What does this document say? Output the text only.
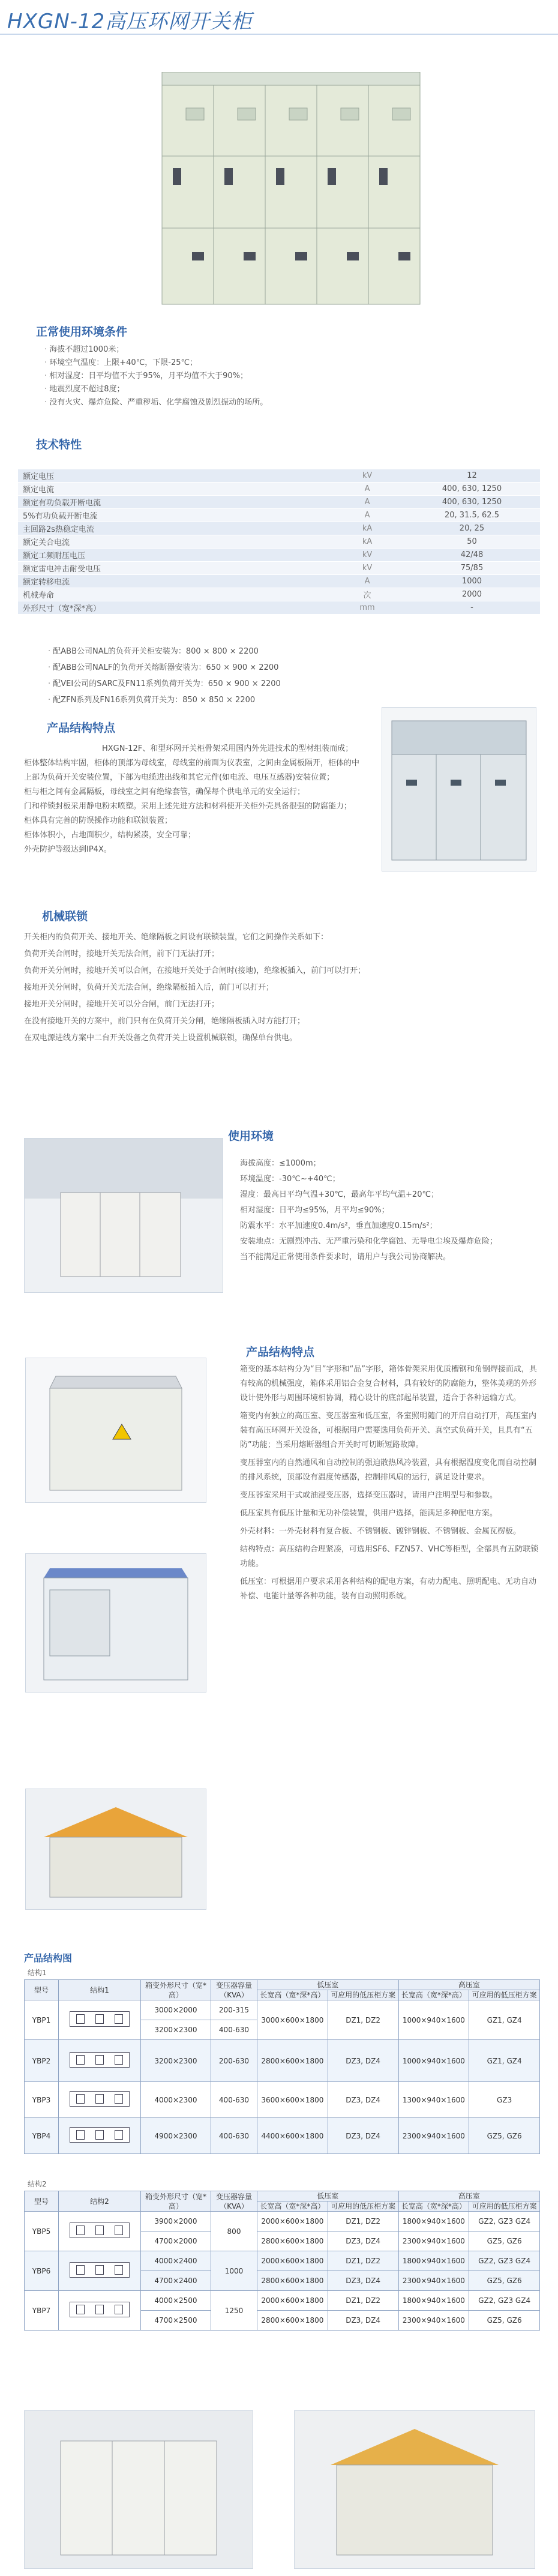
HXGN-12高压环网开关柜
正常使用环境条件
· 海拔不超过1000米；
· 环境空气温度：上限+40℃，下限-25℃；
· 相对湿度：日平均值不大于95%，月平均值不大于90%；
· 地震烈度不超过8度；
· 没有火灾、爆炸危险、严重秽垢、化学腐蚀及剧烈振动的场所。
技术特性
额定电压	kV	12
额定电流	A	400, 630, 1250
额定有功负载开断电流	A	400, 630, 1250
5%有功负载开断电流	A	20, 31.5, 62.5
主回路2s热稳定电流	kA	20, 25
额定关合电流	kA	50
额定工频耐压电压	kV	42/48
额定雷电冲击耐受电压	kV	75/85
额定转移电流	A	1000
机械寿命	次	2000
外形尺寸（宽*深*高）	mm	-
· 配ABB公司NAL的负荷开关柜安装为：800 × 800 × 2200
· 配ABB公司NALF的负荷开关熔断器安装为：650 × 900 × 2200
· 配VEI公司的SARC及FN11系列负荷开关为：650 × 900 × 2200
· 配ZFN系列及FN16系列负荷开关为：850 × 850 × 2200
产品结构特点
HXGN-12F、和型环网开关柜骨架采用国内外先进技术的型材组装而成；
柜体整体结构牢固，柜体的顶部为母线室，母线室的前面为仪表室，之间由金属板隔开，柜体的中上部为负荷开关安装位置，下部为电缆进出线和其它元件(如电流、电压互感器)安装位置；
柜与柜之间有金属隔板，母线室之间有绝缘套管，确保每个供电单元的安全运行；
门和样锁封板采用静电粉末喷塑。采用上述先进方法和材料使开关柜外壳具备很强的防腐能力；
柜体具有完善的防误操作功能和联锁装置；
柜体体积小，占地面积少，结构紧凑，安全可靠；
外壳防护等级达到IP4X。
机械联锁
开关柜内的负荷开关、接地开关、绝缘隔板之间设有联锁装置，它们之间操作关系如下：
负荷开关合闸时，接地开关无法合闸，前下门无法打开；
负荷开关分闸时，接地开关可以合闸，在接地开关处于合闸时(接地)，绝缘板插入，前门可以打开；
接地开关分闸时，负荷开关无法合闸，绝缘隔板插入后，前门可以打开；
接地开关分闸时，接地开关可以分合闸，前门无法打开；
在没有接地开关的方案中，前门只有在负荷开关分闸，绝缘隔板插入时方能打开；
在双电源进线方案中二台开关设备之负荷开关上设置机械联锁，确保单台供电。
使用环境
海拔高度：≤1000m；
环境温度：-30℃~+40℃；
湿度：最高日平均气温+30℃，最高年平均气温+20℃；
相对湿度：日平均≤95%，月平均≤90%；
防震水平：水平加速度0.4m/s²，垂直加速度0.15m/s²；
安装地点：无剧烈冲击、无严重污染和化学腐蚀、无导电尘埃及爆炸危险；
当不能满足正常使用条件要求时，请用户与我公司协商解决。
产品结构特点
箱变的基本结构分为“目”字形和“品”字形，箱体骨架采用优质槽钢和角钢焊接而成，具有较高的机械强度，箱体采用铝合金复合材料，具有较好的防腐能力，整体美观的外形设计使外形与周围环境相协调，精心设计的底部起吊装置，适合于各种运输方式。
箱变内有独立的高压室、变压器室和低压室，各室照明随门的开启自动打开，高压室内装有高压环网开关设备，可根据用户需要选用负荷开关、真空式负荷开关，且具有“五防”功能；当采用熔断器组合开关时可切断短路故障。
变压器室内的自然通风和自动控制的强迫散热风冷装置，具有根据温度变化而自动控制的排风系统，顶部设有温度传感器，控制排风扇的运行，满足设计要求。
变压器室采用干式或油浸变压器，选择变压器时，请用户注明型号和参数。
低压室具有低压计量和无功补偿装置，供用户选择，能满足多种配电方案。
外壳材料：一外壳材料有复合板、不锈钢板、镀锌钢板、不锈钢板、金属瓦楞板。
结构特点：高压结构合理紧凑，可选用SF6、FZN57、VHC等柜型，全部具有五防联锁功能。
低压室：可根据用户要求采用各种结构的配电方案，有动力配电、照明配电、无功自动补偿、电能计量等各种功能，装有自动照明系统。
产品结构图
结构1
型号	结构1	箱变外形尺寸（宽*高）	变压器容量（KVA）	低压室		高压室	
				长宽高（宽*深*高）	可应用的低压柜方案	长宽高（宽*深*高）	可应用的低压柜方案
YBP1		3000×2000	200-315	3000×600×1800	DZ1, DZ2	1000×940×1600	GZ1, GZ4
		3200×2300	400-630				
YBP2		3200×2300	200-630	2800×600×1800	DZ3, DZ4	1000×940×1600	GZ1, GZ4
YBP3		4000×2300	400-630	3600×600×1800	DZ3, DZ4	1300×940×1600	GZ3
YBP4		4900×2300	400-630	4400×600×1800	DZ3, DZ4	2300×940×1600	GZ5, GZ6
结构2
型号	结构2	箱变外形尺寸（宽*高）	变压器容量（KVA）	低压室		高压室	
				长宽高（宽*深*高）	可应用的低压柜方案	长宽高（宽*深*高）	可应用的低压柜方案
YBP5		3900×2000	800	2000×600×1800	DZ1, DZ2	1800×940×1600	GZ2, GZ3 GZ4
		4700×2000		2800×600×1800	DZ3, DZ4	2300×940×1600	GZ5, GZ6
YBP6		4000×2400	1000	2000×600×1800	DZ1, DZ2	1800×940×1600	GZ2, GZ3 GZ4
		4700×2400		2800×600×1800	DZ3, DZ4	2300×940×1600	GZ5, GZ6
YBP7		4000×2500	1250	2000×600×1800	DZ1, DZ2	1800×940×1600	GZ2, GZ3 GZ4
		4700×2500		2800×600×1800	DZ3, DZ4	2300×940×1600	GZ5, GZ6
